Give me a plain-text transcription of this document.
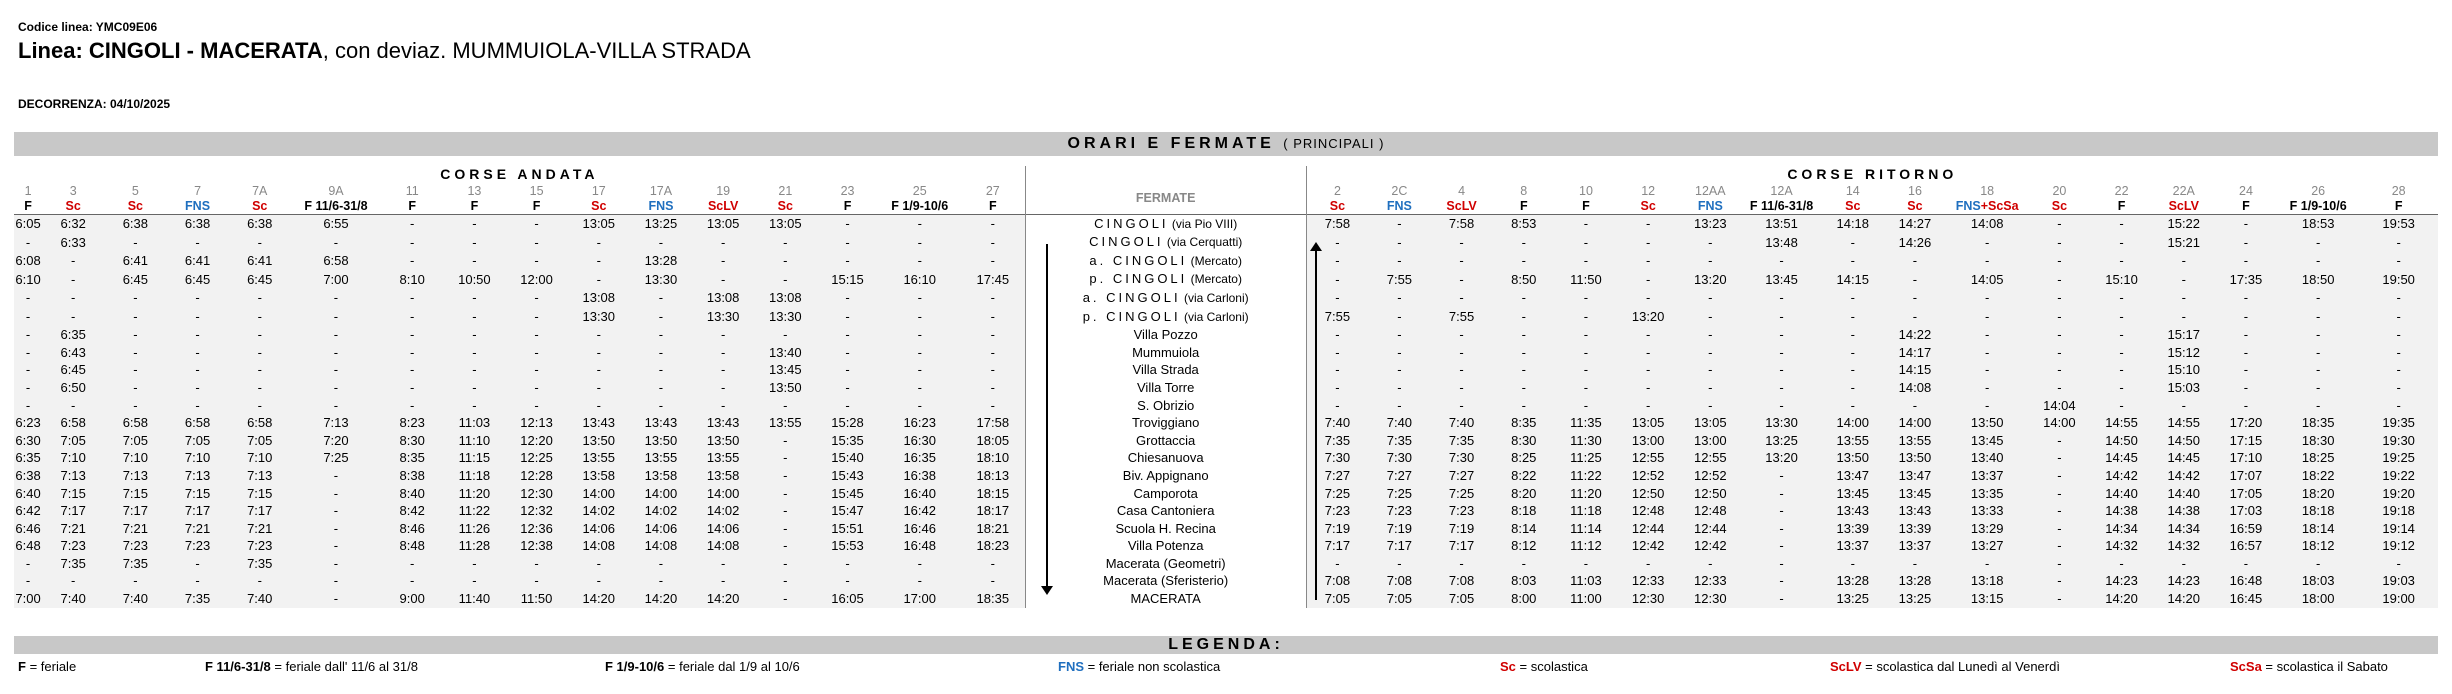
Codice linea: YMC09E06
Linea: CINGOLI - MACERATA, con deviaz. MUMMUIOLA-VILLA STRADA
DECORRENZA: 04/10/2025
ORARI E FERMATE ( PRINCIPALI )
CORSE ANDATA																	CORSE RITORNO																
1	3	5	7	7A	9A	11	13	15	17	17A	19	21	23	25	27	FERMATE	2	2C	4	8	10	12	12AA	12A	14	16	18	20	22	22A	24	26	28
F	Sc	Sc	FNS	Sc	F 11/6-31/8	F	F	F	Sc	FNS	ScLV	Sc	F	F 1/9-10/6	F		Sc	FNS	ScLV	F	F	Sc	FNS	F 11/6-31/8	Sc	Sc	FNS+ScSa	Sc	F	ScLV	F	F 1/9-10/6	F
6:05	6:32	6:38	6:38	6:38	6:55	-	-	-	13:05	13:25	13:05	13:05	-	-	-	CINGOLI (via Pio VIII)	7:58	-	7:58	8:53	-	-	13:23	13:51	14:18	14:27	14:08	-	-	15:22	-	18:53	19:53
-	6:33	-	-	-	-	-	-	-	-	-	-	-	-	-	-	CINGOLI (via Cerquatti)	-	-	-	-	-	-	-	13:48	-	14:26	-	-	-	15:21	-	-	-
6:08	-	6:41	6:41	6:41	6:58	-	-	-	-	13:28	-	-	-	-	-	a. CINGOLI (Mercato)	-	-	-	-	-	-	-	-	-	-	-	-	-	-	-	-	-
6:10	-	6:45	6:45	6:45	7:00	8:10	10:50	12:00	-	13:30	-	-	15:15	16:10	17:45	p. CINGOLI (Mercato)	-	7:55	-	8:50	11:50	-	13:20	13:45	14:15	-	14:05	-	15:10	-	17:35	18:50	19:50
-	-	-	-	-	-	-	-	-	13:08	-	13:08	13:08	-	-	-	a. CINGOLI (via Carloni)	-	-	-	-	-	-	-	-	-	-	-	-	-	-	-	-	-
-	-	-	-	-	-	-	-	-	13:30	-	13:30	13:30	-	-	-	p. CINGOLI (via Carloni)	7:55	-	7:55	-	-	13:20	-	-	-	-	-	-	-	-	-	-	-
-	6:35	-	-	-	-	-	-	-	-	-	-	-	-	-	-	Villa Pozzo	-	-	-	-	-	-	-	-	-	14:22	-	-	-	15:17	-	-	-
-	6:43	-	-	-	-	-	-	-	-	-	-	13:40	-	-	-	Mummuiola	-	-	-	-	-	-	-	-	-	14:17	-	-	-	15:12	-	-	-
-	6:45	-	-	-	-	-	-	-	-	-	-	13:45	-	-	-	Villa Strada	-	-	-	-	-	-	-	-	-	14:15	-	-	-	15:10	-	-	-
-	6:50	-	-	-	-	-	-	-	-	-	-	13:50	-	-	-	Villa Torre	-	-	-	-	-	-	-	-	-	14:08	-	-	-	15:03	-	-	-
-	-	-	-	-	-	-	-	-	-	-	-	-	-	-	-	S. Obrizio	-	-	-	-	-	-	-	-	-	-	-	14:04	-	-	-	-	-
6:23	6:58	6:58	6:58	6:58	7:13	8:23	11:03	12:13	13:43	13:43	13:43	13:55	15:28	16:23	17:58	Troviggiano	7:40	7:40	7:40	8:35	11:35	13:05	13:05	13:30	14:00	14:00	13:50	14:00	14:55	14:55	17:20	18:35	19:35
6:30	7:05	7:05	7:05	7:05	7:20	8:30	11:10	12:20	13:50	13:50	13:50	-	15:35	16:30	18:05	Grottaccia	7:35	7:35	7:35	8:30	11:30	13:00	13:00	13:25	13:55	13:55	13:45	-	14:50	14:50	17:15	18:30	19:30
6:35	7:10	7:10	7:10	7:10	7:25	8:35	11:15	12:25	13:55	13:55	13:55	-	15:40	16:35	18:10	Chiesanuova	7:30	7:30	7:30	8:25	11:25	12:55	12:55	13:20	13:50	13:50	13:40	-	14:45	14:45	17:10	18:25	19:25
6:38	7:13	7:13	7:13	7:13	-	8:38	11:18	12:28	13:58	13:58	13:58	-	15:43	16:38	18:13	Biv. Appignano	7:27	7:27	7:27	8:22	11:22	12:52	12:52	-	13:47	13:47	13:37	-	14:42	14:42	17:07	18:22	19:22
6:40	7:15	7:15	7:15	7:15	-	8:40	11:20	12:30	14:00	14:00	14:00	-	15:45	16:40	18:15	Camporota	7:25	7:25	7:25	8:20	11:20	12:50	12:50	-	13:45	13:45	13:35	-	14:40	14:40	17:05	18:20	19:20
6:42	7:17	7:17	7:17	7:17	-	8:42	11:22	12:32	14:02	14:02	14:02	-	15:47	16:42	18:17	Casa Cantoniera	7:23	7:23	7:23	8:18	11:18	12:48	12:48	-	13:43	13:43	13:33	-	14:38	14:38	17:03	18:18	19:18
6:46	7:21	7:21	7:21	7:21	-	8:46	11:26	12:36	14:06	14:06	14:06	-	15:51	16:46	18:21	Scuola H. Recina	7:19	7:19	7:19	8:14	11:14	12:44	12:44	-	13:39	13:39	13:29	-	14:34	14:34	16:59	18:14	19:14
6:48	7:23	7:23	7:23	7:23	-	8:48	11:28	12:38	14:08	14:08	14:08	-	15:53	16:48	18:23	Villa Potenza	7:17	7:17	7:17	8:12	11:12	12:42	12:42	-	13:37	13:37	13:27	-	14:32	14:32	16:57	18:12	19:12
-	7:35	7:35	-	7:35	-	-	-	-	-	-	-	-	-	-	-	Macerata (Geometri)	-	-	-	-	-	-	-	-	-	-	-	-	-	-	-	-	-
-	-	-	-	-	-	-	-	-	-	-	-	-	-	-	-	Macerata (Sferisterio)	7:08	7:08	7:08	8:03	11:03	12:33	12:33	-	13:28	13:28	13:18	-	14:23	14:23	16:48	18:03	19:03
7:00	7:40	7:40	7:35	7:40	-	9:00	11:40	11:50	14:20	14:20	14:20	-	16:05	17:00	18:35	MACERATA	7:05	7:05	7:05	8:00	11:00	12:30	12:30	-	13:25	13:25	13:15	-	14:20	14:20	16:45	18:00	19:00
LEGENDA:
F = feriale	F 11/6-31/8 = feriale dall' 11/6 al 31/8	F 1/9-10/6 = feriale dal 1/9 al 10/6	FNS = feriale non scolastica	Sc = scolastica	ScLV = scolastica dal Lunedì al Venerdì	ScSa = scolastica il Sabato
